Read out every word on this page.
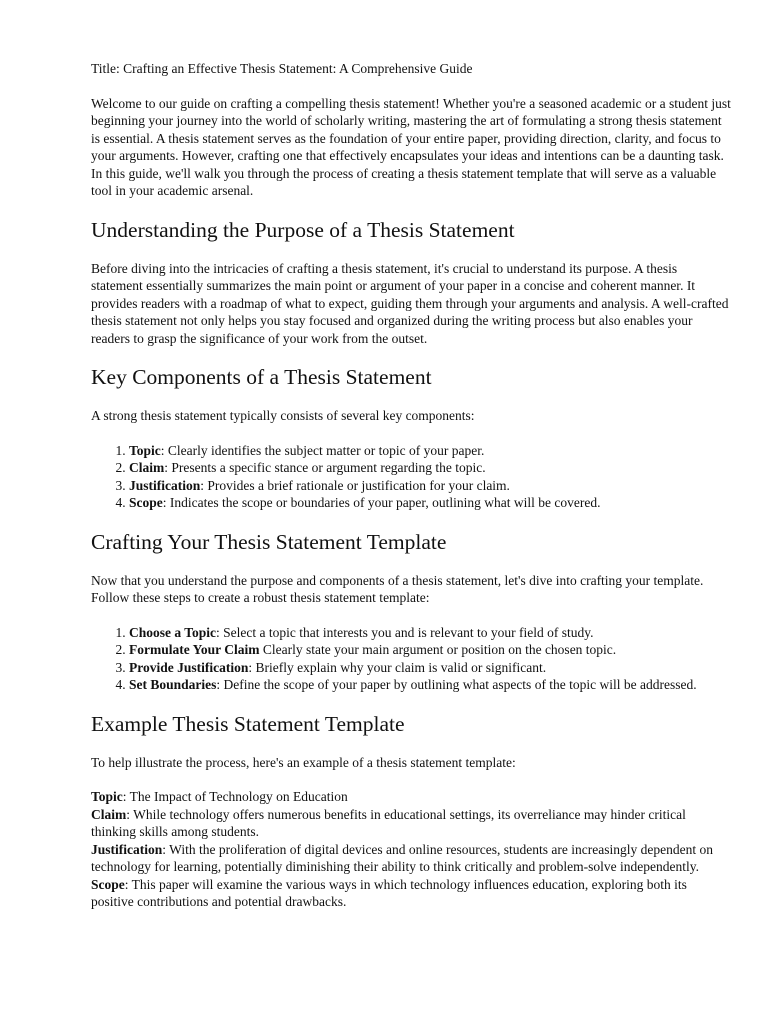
Title: Crafting an Effective Thesis Statement: A Comprehensive Guide

Welcome to our guide on crafting a compelling thesis statement! Whether you're a seasoned academic or a student just beginning your journey into the world of scholarly writing, mastering the art of formulating a strong thesis statement is essential. A thesis statement serves as the foundation of your entire paper, providing direction, clarity, and focus to your arguments. However, crafting one that effectively encapsulates your ideas and intentions can be a daunting task. In this guide, we'll walk you through the process of creating a thesis statement template that will serve as a valuable tool in your academic arsenal.

Understanding the Purpose of a Thesis Statement

Before diving into the intricacies of crafting a thesis statement, it's crucial to understand its purpose. A thesis statement essentially summarizes the main point or argument of your paper in a concise and coherent manner. It provides readers with a roadmap of what to expect, guiding them through your arguments and analysis. A well-crafted thesis statement not only helps you stay focused and organized during the writing process but also enables your readers to grasp the significance of your work from the outset.

Key Components of a Thesis Statement

A strong thesis statement typically consists of several key components:

1. Topic: Clearly identifies the subject matter or topic of your paper.
2. Claim: Presents a specific stance or argument regarding the topic.
3. Justification: Provides a brief rationale or justification for your claim.
4. Scope: Indicates the scope or boundaries of your paper, outlining what will be covered.
Crafting Your Thesis Statement Template

Now that you understand the purpose and components of a thesis statement, let's dive into crafting your template. Follow these steps to create a robust thesis statement template:

1. Choose a Topic: Select a topic that interests you and is relevant to your field of study.
2. Formulate Your Claim Clearly state your main argument or position on the chosen topic.
3. Provide Justification: Briefly explain why your claim is valid or significant.
4. Set Boundaries: Define the scope of your paper by outlining what aspects of the topic will be addressed.
Example Thesis Statement Template

To help illustrate the process, here's an example of a thesis statement template:

Topic: The Impact of Technology on Education
Claim: While technology offers numerous benefits in educational settings, its overreliance may hinder critical thinking skills among students.
Justification: With the proliferation of digital devices and online resources, students are increasingly dependent on technology for learning, potentially diminishing their ability to think critically and problem-solve independently.
Scope: This paper will examine the various ways in which technology influences education, exploring both its positive contributions and potential drawbacks.
